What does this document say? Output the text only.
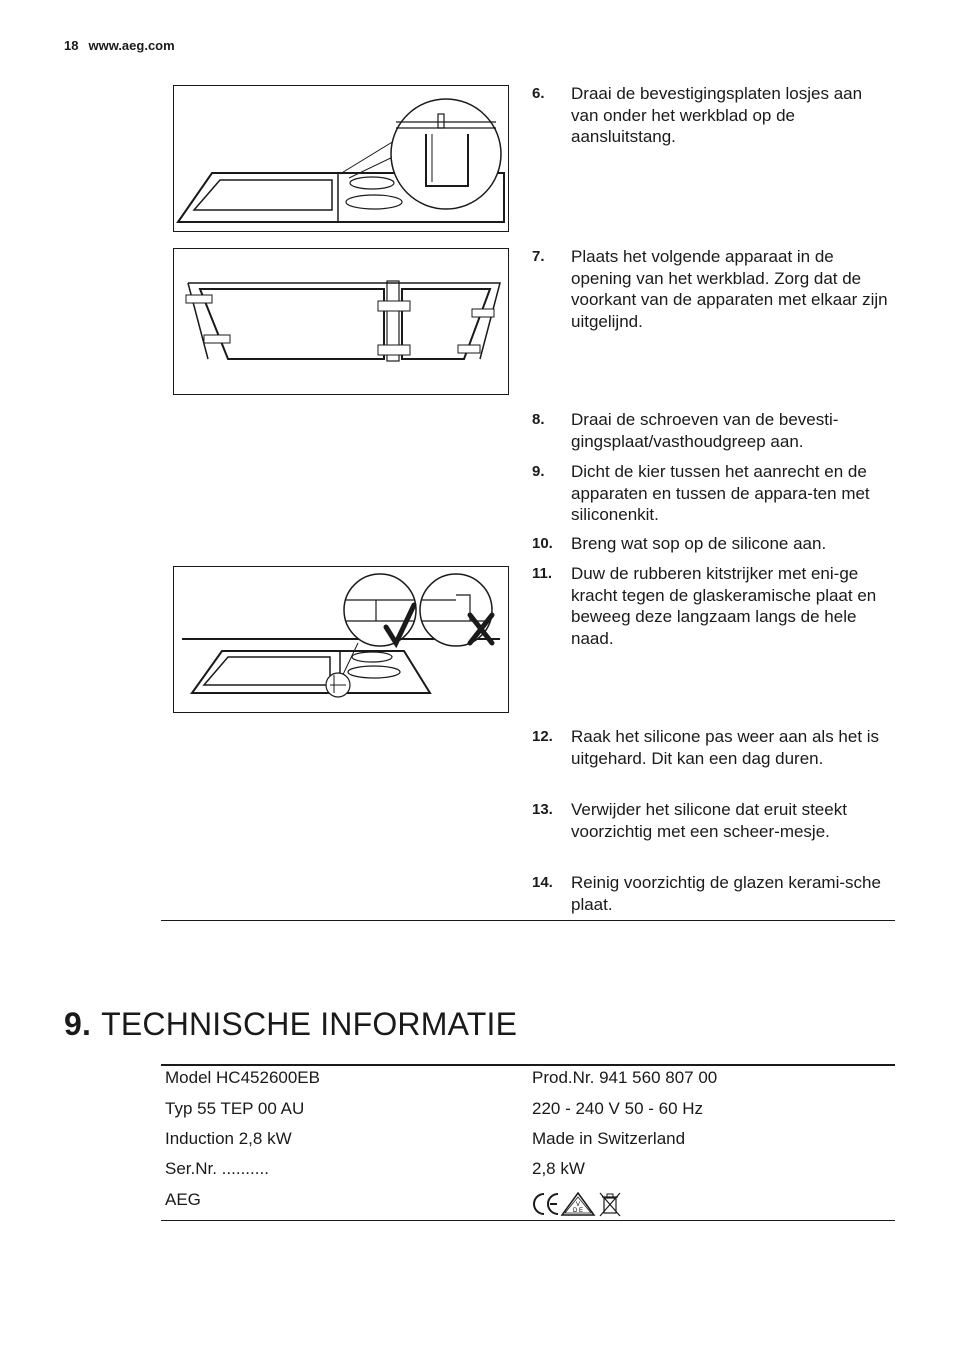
18 www.aeg.com
6. Draai de bevestigingsplaten losjes aan van onder het werkblad op de aansluitstang.
7. Plaats het volgende apparaat in de opening van het werkblad. Zorg dat de voorkant van de apparaten met elkaar zijn uitgelijnd.
8. Draai de schroeven van de bevesti-gingsplaat/vasthoudgreep aan.
9. Dicht de kier tussen het aanrecht en de apparaten en tussen de appara-ten met siliconenkit.
10. Breng wat sop op de silicone aan.
11. Duw de rubberen kitstrijker met eni-ge kracht tegen de glaskeramische plaat en beweeg deze langzaam langs de hele naad.
12. Raak het silicone pas weer aan als het is uitgehard. Dit kan een dag duren.
13. Verwijder het silicone dat eruit steekt voorzichtig met een scheer-mesje.
14. Reinig voorzichtig de glazen kerami-sche plaat.
9. TECHNISCHE INFORMATIE
Model HC452600EB	Prod.Nr. 941 560 807 00
Typ 55 TEP 00 AU	220 - 240 V 50 - 60 Hz
Induction 2,8 kW	Made in Switzerland
Ser.Nr. ..........	2,8 kW
AEG	V
D E
